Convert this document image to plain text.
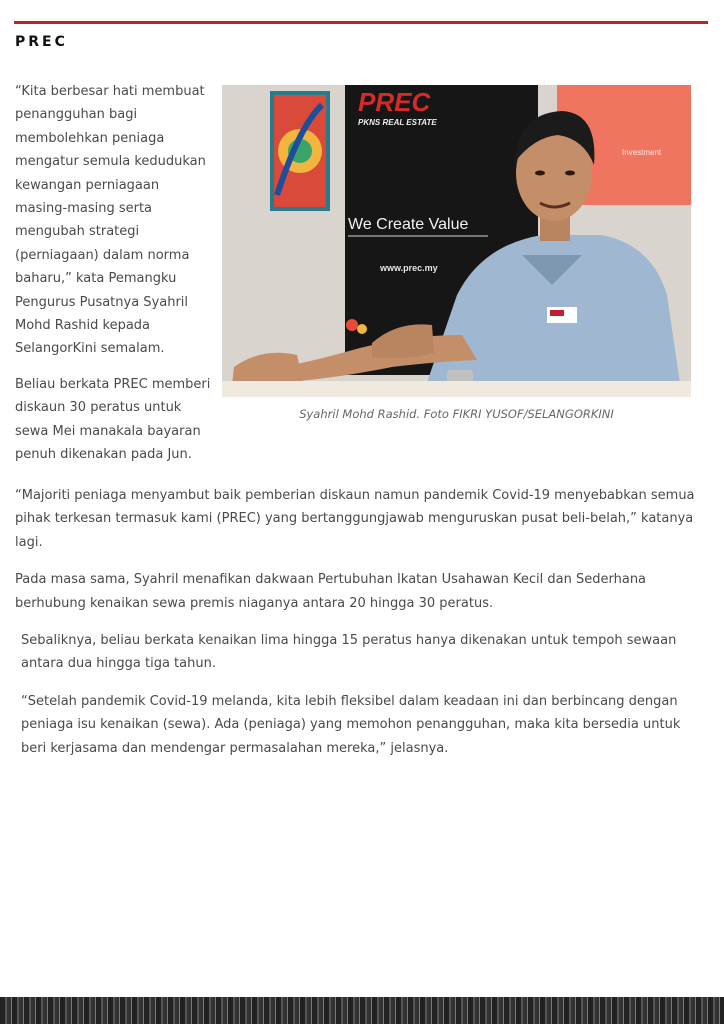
PREC

“Kita berbesar hati membuat penangguhan bagi membolehkan peniaga mengatur semula kedudukan kewangan perniagaan masing-masing serta mengubah strategi (perniagaan) dalam norma baharu,” kata Pemangku Pengurus Pusatnya Syahril Mohd Rashid kepada SelangorKini semalam.

Beliau berkata PREC memberi diskaun 30 peratus untuk sewa Mei manakala bayaran penuh dikenakan pada Jun.

Investment
PREC
PKNS REAL ESTATE
We Create Value
www.prec.my
Syahril Mohd Rashid. Foto FIKRI YUSOF/SELANGORKINI

“Majoriti peniaga menyambut baik pemberian diskaun namun pandemik Covid-19 menyebabkan semua pihak terkesan termasuk kami (PREC) yang bertanggungjawab menguruskan pusat beli-belah,” katanya lagi.

Pada masa sama, Syahril menafikan dakwaan Pertubuhan Ikatan Usahawan Kecil dan Sederhana berhubung kenaikan sewa premis niaganya antara 20 hingga 30 peratus.

Sebaliknya, beliau berkata kenaikan lima hingga 15 peratus hanya dikenakan untuk tempoh sewaan antara dua hingga tiga tahun.

“Setelah pandemik Covid-19 melanda, kita lebih fleksibel dalam keadaan ini dan berbincang dengan peniaga isu kenaikan (sewa). Ada (peniaga) yang memohon penangguhan, maka kita bersedia untuk beri kerjasama dan mendengar permasalahan mereka,” jelasnya.
